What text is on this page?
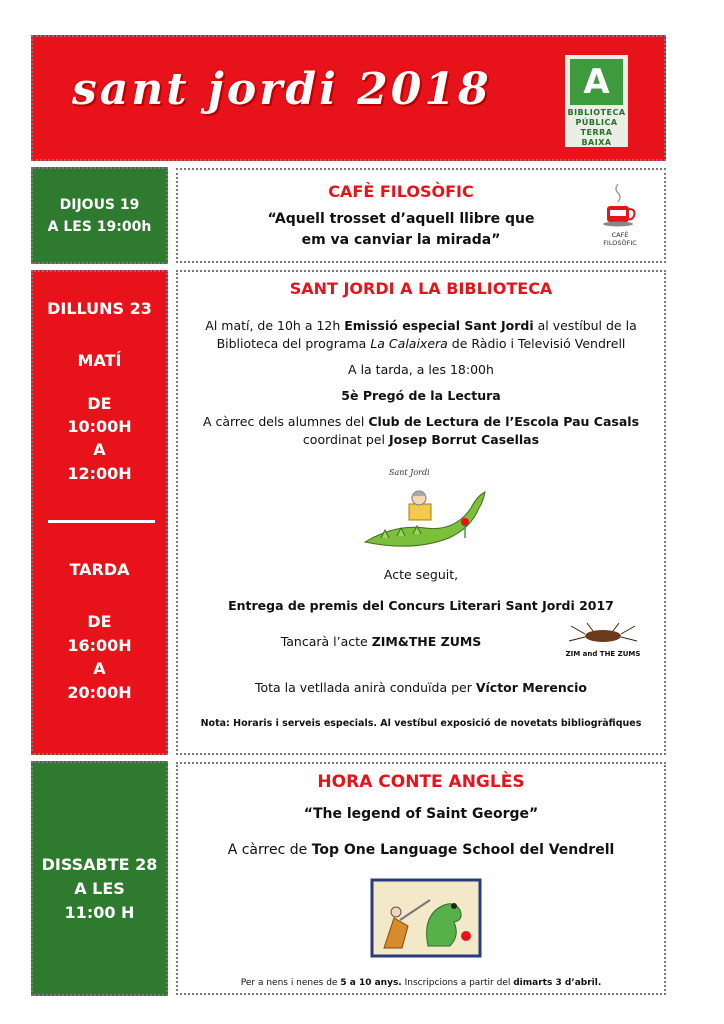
sant jordi 2018	A
BIBLIOTECA
PÚBLICA
TERRA BAIXA
DIJOUS 19
A LES 19:00h
CAFÈ FILOSÒFIC
“Aquell trosset d’aquell llibre que
em va canviar la mirada”	CAFÈ
FILOSÒFIC
DILLUNS 23
MATÍ
DE
10:00H
A
12:00H
TARDA
DE
16:00H
A
20:00H
SANT JORDI A LA BIBLIOTECA
Al matí, de 10h a 12h Emissió especial Sant Jordi al vestíbul de la
Biblioteca del programa La Calaixera de Ràdio i Televisió Vendrell
A la tarda, a les 18:00h
5è Pregó de la Lectura
A càrrec dels alumnes del Club de Lectura de l’Escola Pau Casals
coordinat pel Josep Borrut Casellas
Sant Jordi
Acte seguit,
Entrega de premis del Concurs Literari Sant Jordi 2017
Tancarà l’acte ZIM&THE ZUMS
ZIM and THE ZUMS
Tota la vetllada anirà conduïda per Víctor Merencio
Nota: Horaris i serveis especials. Al vestíbul exposició de novetats bibliogràfiques
DISSABTE 28
A LES
11:00 H
HORA CONTE ANGLÈS
“The legend of Saint George”
A càrrec de Top One Language School del Vendrell
Per a nens i nenes de 5 a 10 anys. Inscripcions a partir del dimarts 3 d’abril.
